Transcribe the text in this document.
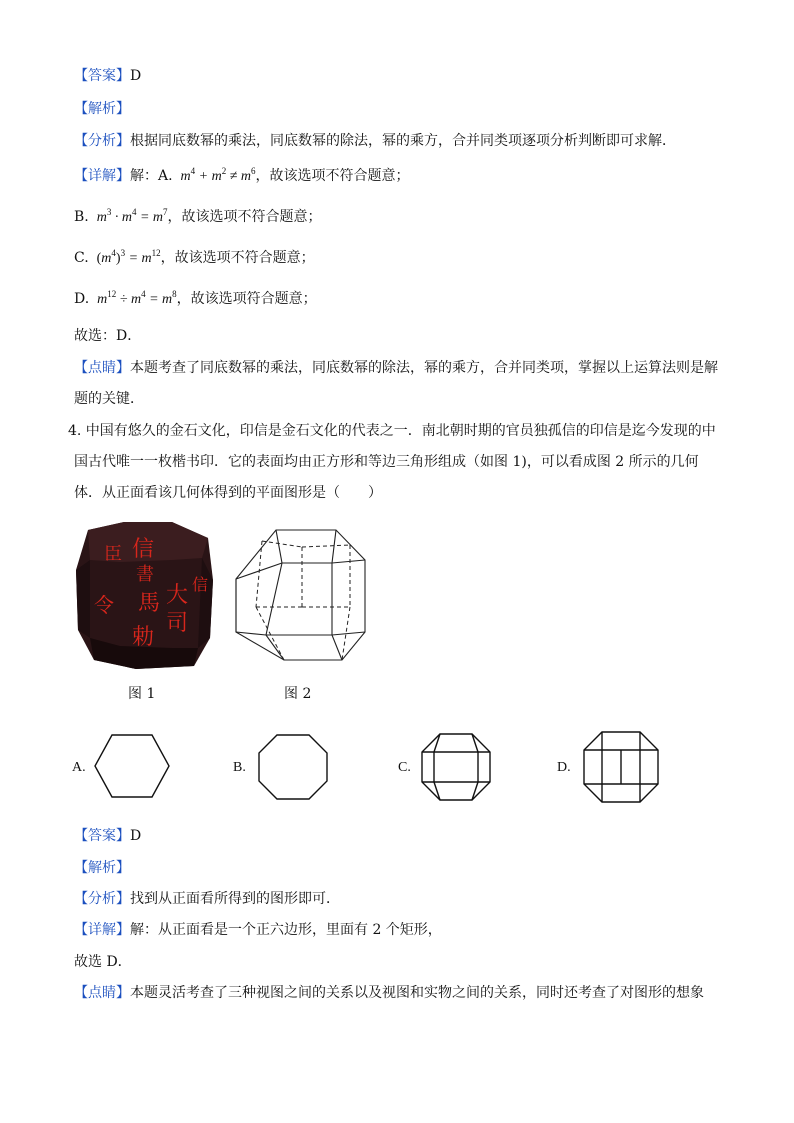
【答案】D
【解析】
【分析】根据同底数幂的乘法，同底数幂的除法，幂的乘方，合并同类项逐项分析判断即可求解．
【详解】解：A.  $m^4 + m^2 \ne m^6$，故该选项不符合题意；
B.  $m^3 \cdot m^4 = m^7$，故该选项不符合题意；
C. $(m^4)^3 = m^{12}$，故该选项不符合题意；
D.  $m^{12} \div m^4 = m^8$，故该选项符合题意；
故选：D．
【点睛】本题考查了同底数幂的乘法，同底数幂的除法，幂的乘方，合并同类项，掌握以上运算法则是解
题的关键．
4. 中国有悠久的金石文化，印信是金石文化的代表之一．南北朝时期的官员独孤信的印信是迄今发现的中
国古代唯一一枚楷书印．它的表面均由正方形和等边三角形组成（如图 1)，可以看成图 2 所示的几何
体．从正面看该几何体得到的平面图形是（　　）
信
臣
大
司
馬
勅
令
書 信
图 1	图 2
A.	B.	C.	D.
【答案】D
【解析】
【分析】找到从正面看所得到的图形即可．
【详解】解：从正面看是一个正六边形，里面有 2 个矩形，
故选 D．
【点睛】本题灵活考查了三种视图之间的关系以及视图和实物之间的关系，同时还考查了对图形的想象
